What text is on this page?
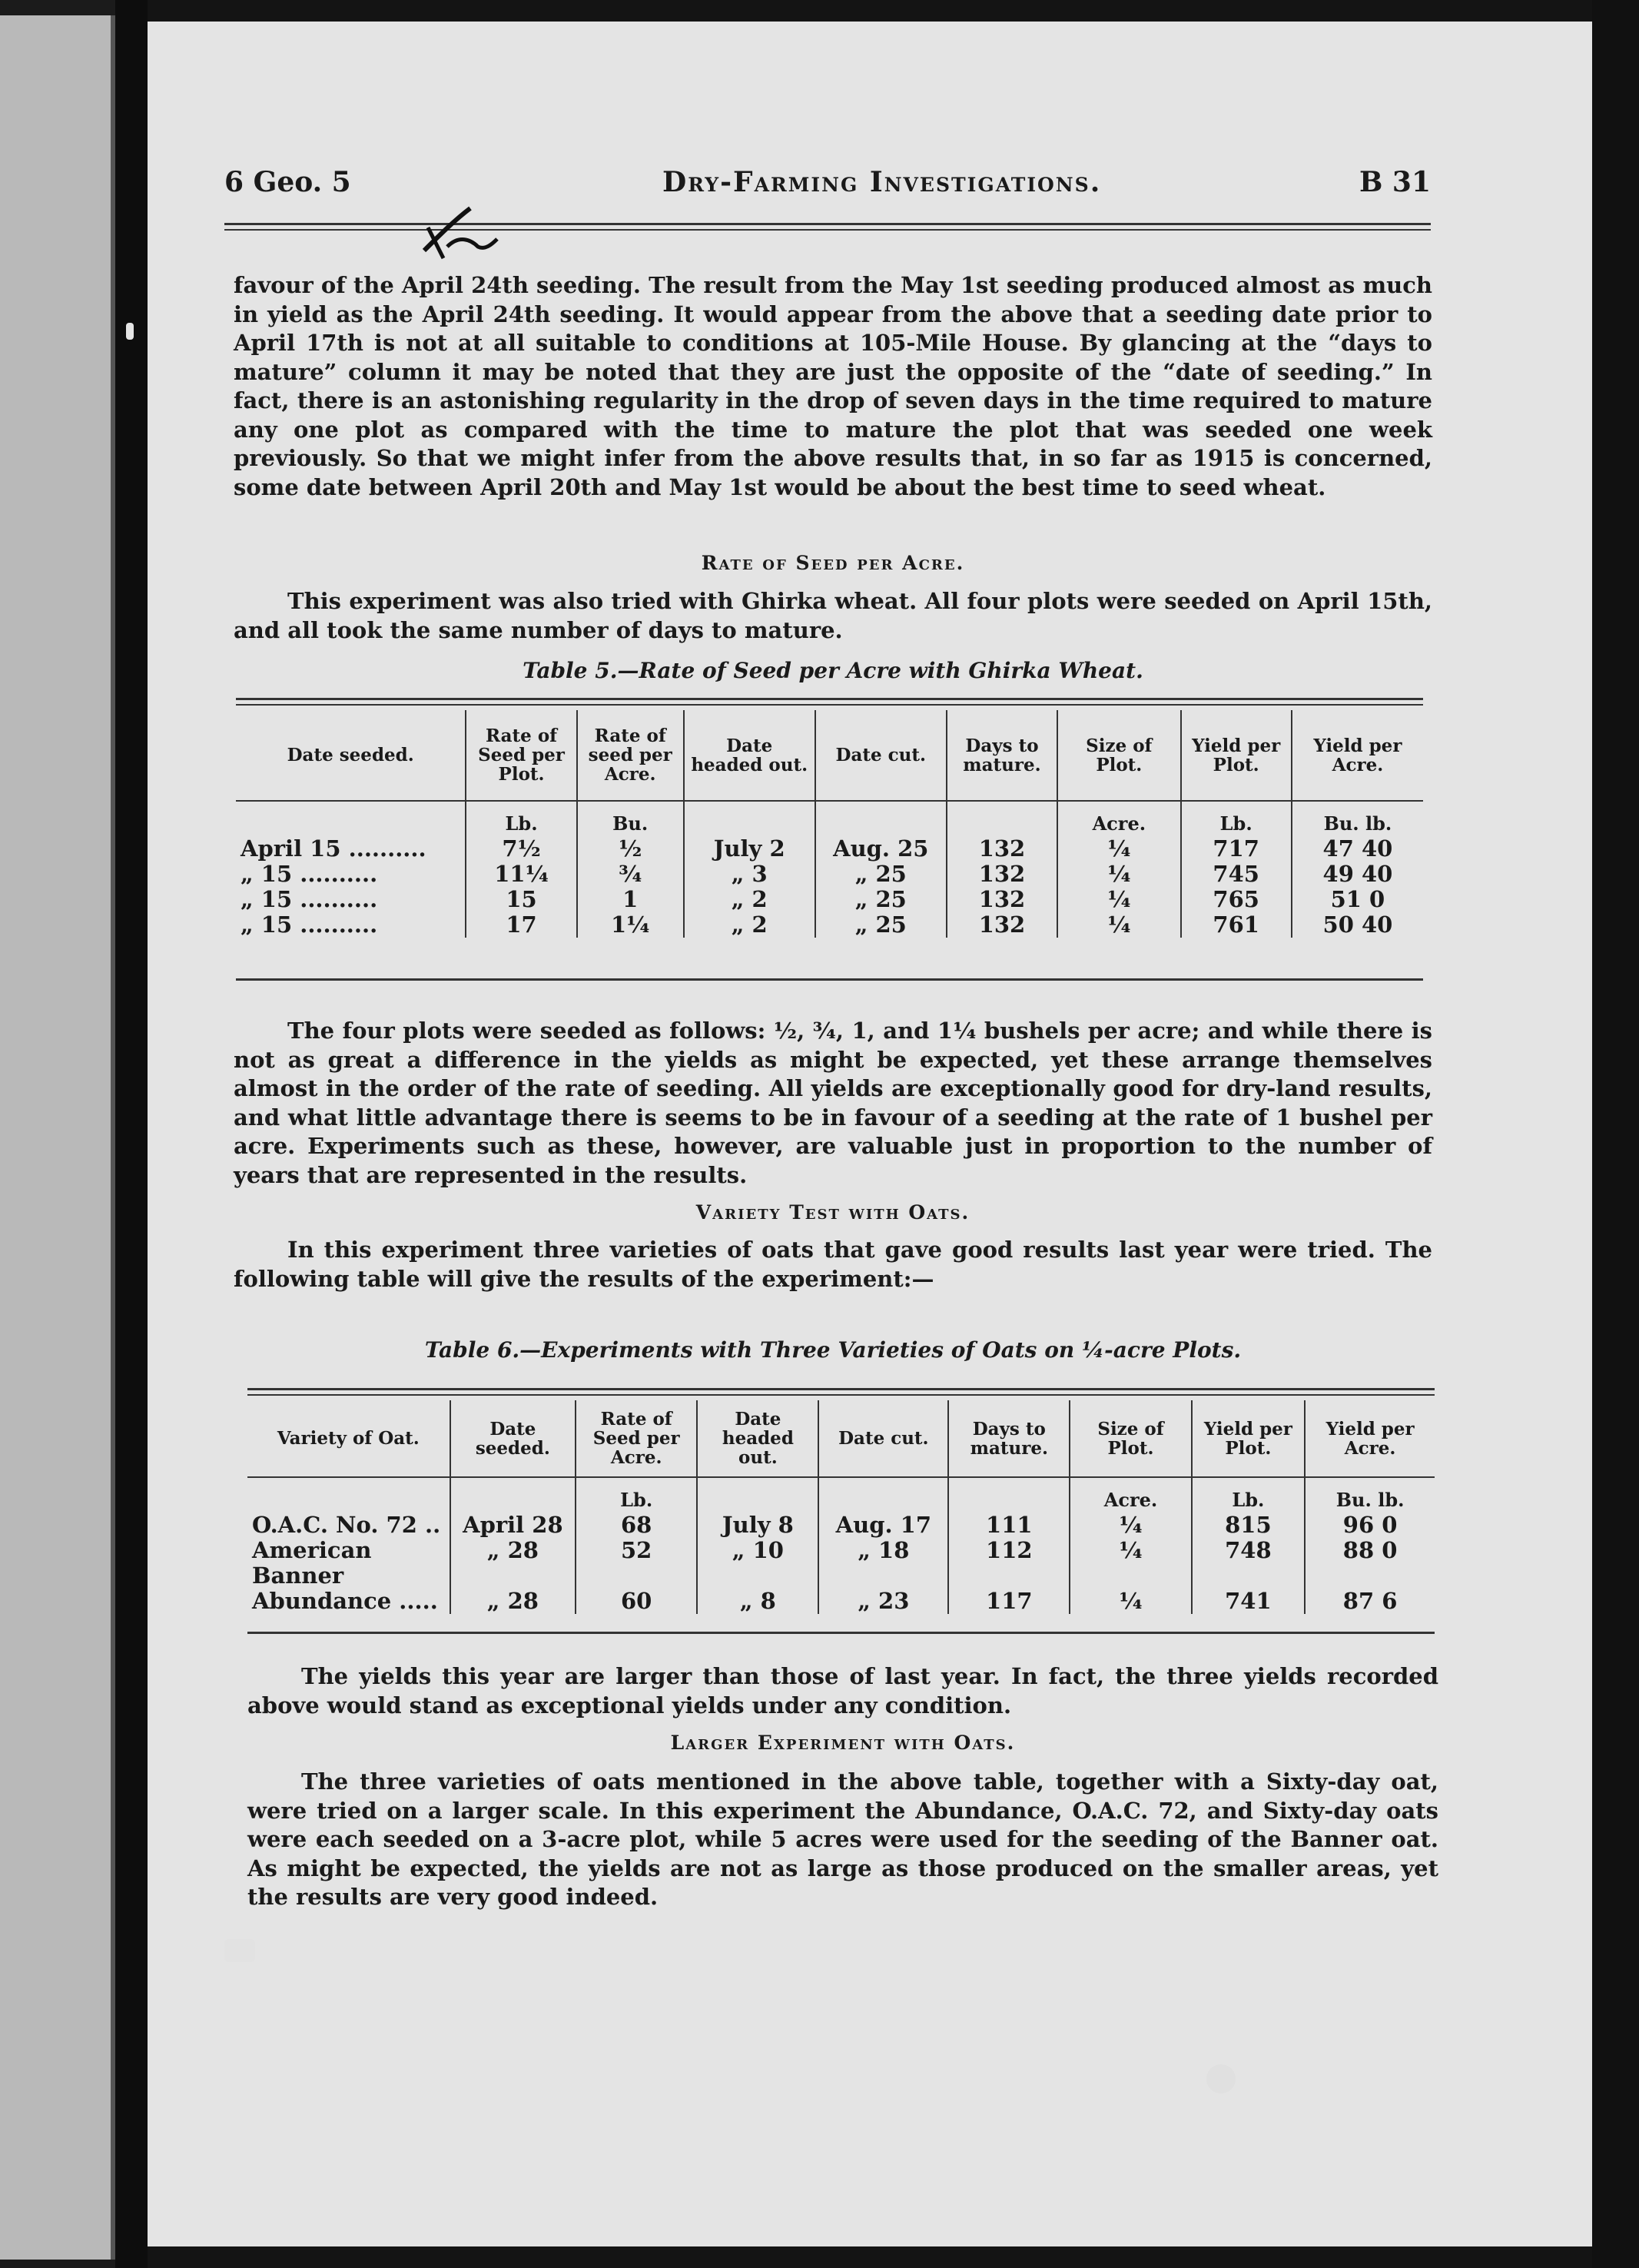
6 Geo. 5	Dry-Farming Investigations.	B 31
favour of the April 24th seeding. The result from the May 1st seeding produced almost as much in yield as the April 24th seeding. It would appear from the above that a seeding date prior to April 17th is not at all suitable to conditions at 105-Mile House. By glancing at the “days to mature” column it may be noted that they are just the opposite of the “date of seeding.” In fact, there is an astonishing regularity in the drop of seven days in the time required to mature any one plot as compared with the time to mature the plot that was seeded one week previously. So that we might infer from the above results that, in so far as 1915 is concerned, some date between April 20th and May 1st would be about the best time to seed wheat.
Rate of Seed per Acre.
This experiment was also tried with Ghirka wheat. All four plots were seeded on April 15th, and all took the same number of days to mature.
Table 5.—Rate of Seed per Acre with Ghirka Wheat.
Date seeded.	Rate of Seed per Plot.	Rate of seed per Acre.	Date headed out.	Date cut.	Days to mature.	Size of Plot.	Yield per Plot.	Yield per Acre.

	Lb.	Bu.				Acre.	Lb.	Bu. lb.

April 15 ..........	7½	½	July 2	Aug. 25	132	¼	717	47 40
„ 15 ..........	11¼	¾	„ 3	„ 25	132	¼	745	49 40
„ 15 ..........	15	1	„ 2	„ 25	132	¼	765	51 0
„ 15 ..........	17	1¼	„ 2	„ 25	132	¼	761	50 40
The four plots were seeded as follows: ½, ¾, 1, and 1¼ bushels per acre; and while there is not as great a difference in the yields as might be expected, yet these arrange themselves almost in the order of the rate of seeding. All yields are exceptionally good for dry-land results, and what little advantage there is seems to be in favour of a seeding at the rate of 1 bushel per acre. Experiments such as these, however, are valuable just in proportion to the number of years that are represented in the results.
Variety Test with Oats.
In this experiment three varieties of oats that gave good results last year were tried. The following table will give the results of the experiment:—
Table 6.—Experiments with Three Varieties of Oats on ¼-acre Plots.
Variety of Oat.	Date seeded.	Rate of Seed per Acre.	Date headed out.	Date cut.	Days to mature.	Size of Plot.	Yield per Plot.	Yield per Acre.

		Lb.				Acre.	Lb.	Bu. lb.

O.A.C. No. 72 ..	April 28	68	July 8	Aug. 17	111	¼	815	96 0
American Banner	„ 28	52	„ 10	„ 18	112	¼	748	88 0
Abundance .....	„ 28	60	„ 8	„ 23	117	¼	741	87 6
The yields this year are larger than those of last year. In fact, the three yields recorded above would stand as exceptional yields under any condition.
Larger Experiment with Oats.
The three varieties of oats mentioned in the above table, together with a Sixty-day oat, were tried on a larger scale. In this experiment the Abundance, O.A.C. 72, and Sixty-day oats were each seeded on a 3-acre plot, while 5 acres were used for the seeding of the Banner oat. As might be expected, the yields are not as large as those produced on the smaller areas, yet the results are very good indeed.
